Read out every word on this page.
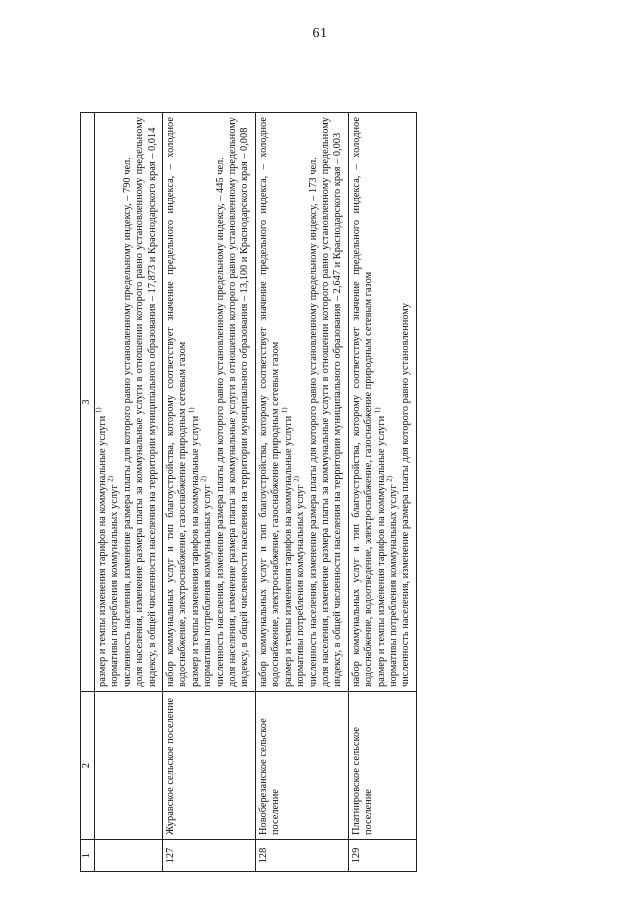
61
1	2	3

		размер и темпы изменения тарифов на коммунальные услуги $^{1)}$
нормативы потребления коммунальных услуг $^{2)}$ численность населения, изменение размера платы для которого равно установленному предельному индексу, – 790 чел. доля населения, изменение размера платы за коммунальные услуги в отношении которого равно установленному предельному индексу, в общей численности населения на территории муниципального образования – 17,873 и Краснодарского края – 0,014

127	Журавское сельское поселение	набор коммунальных услуг и тип благоустройства, которому соответствует значение предельного индекса, – холодное водоснабжение, электроснабжение, газоснабжение природным сетевым газом размер и темпы изменения тарифов на коммунальные услуги $^{1)}$
нормативы потребления коммунальных услуг $^{2)}$ численность населения, изменение размера платы для которого равно установленному предельному индексу, – 445 чел. доля населения, изменение размера платы за коммунальные услуги в отношении которого равно установленному предельному индексу, в общей численности населения на территории муниципального образования – 13,100 и Краснодарского края – 0,008

128	Новоберезанское сельское поселение	набор коммунальных услуг и тип благоустройства, которому соответствует значение предельного индекса, – холодное водоснабжение, электроснабжение, газоснабжение природным сетевым газом размер и темпы изменения тарифов на коммунальные услуги $^{1)}$
нормативы потребления коммунальных услуг $^{2)}$ численность населения, изменение размера платы для которого равно установленному предельному индексу, – 173 чел. доля населения, изменение размера платы за коммунальные услуги в отношении которого равно установленному предельному индексу, в общей численности населения на территории муниципального образования – 2,647 и Краснодарского края – 0,003

129	Платнировское сельское поселение	набор коммунальных услуг и тип благоустройства, которому соответствует значение предельного индекса, – холодное водоснабжение, водоотведение, электроснабжение, газоснабжение природным сетевым газом размер и темпы изменения тарифов на коммунальные услуги $^{1)}$
нормативы потребления коммунальных услуг $^{2)}$ численность населения, изменение размера платы для которого равно установленному
